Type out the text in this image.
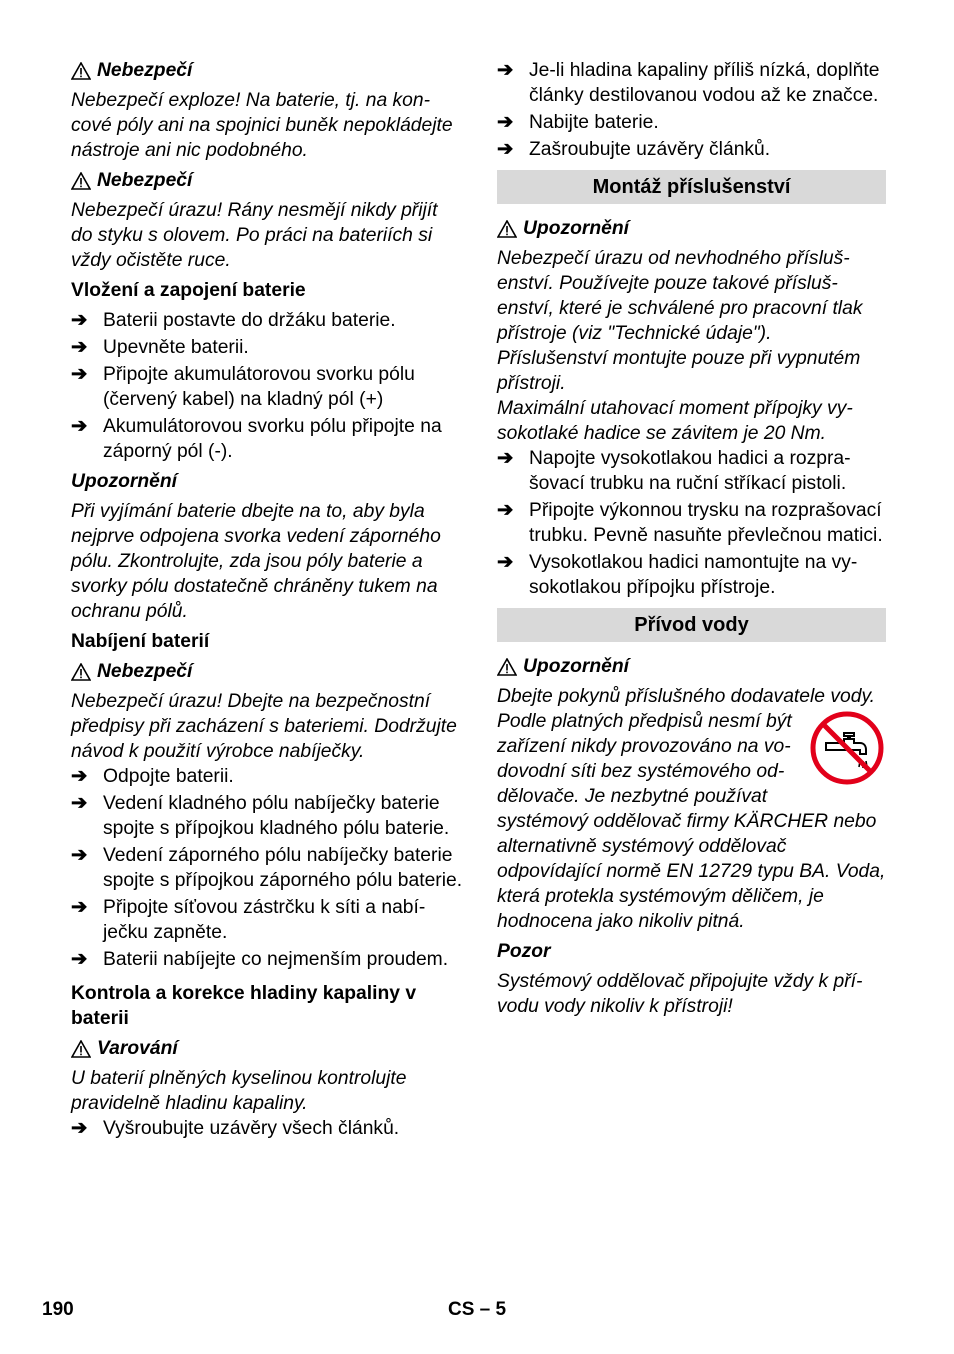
Nebezpečí

Nebezpečí exploze! Na baterie, tj. na koncové póly ani na spojnici buněk nepokládejte nástroje ani nic podobného.

Nebezpečí

Nebezpečí úrazu! Rány nesmějí nikdy přijít do styku s olovem. Po práci na bateriích si vždy očistěte ruce.

Vložení a zapojení baterie

➔ Baterii postavte do držáku baterie.
➔ Upevněte baterii.
➔ Připojte akumulátorovou svorku pólu (červený kabel) na kladný pól (+)
➔ Akumulátorovou svorku pólu připojte na záporný pól (-).

Upozornění

Při vyjímání baterie dbejte na to, aby byla nejprve odpojena svorka vedení záporného pólu. Zkontrolujte, zda jsou póly baterie a svorky pólu dostatečně chráněny tukem na ochranu pólů.

Nabíjení baterií

Nebezpečí

Nebezpečí úrazu! Dbejte na bezpečnostní předpisy při zacházení s bateriemi. Dodržujte návod k použití výrobce nabíječky.

➔ Odpojte baterii.
➔ Vedení kladného pólu nabíječky baterie spojte s přípojkou kladného pólu baterie.
➔ Vedení záporného pólu nabíječky baterie spojte s přípojkou záporného pólu baterie.
➔ Připojte síťovou zástrčku k síti a nabíječku zapněte.
➔ Baterii nabíjejte co nejmenším proudem.

Kontrola a korekce hladiny kapaliny v baterii

Varování

U baterií plněných kyselinou kontrolujte pravidelně hladinu kapaliny.

➔ Vyšroubujte uzávěry všech článků.
➔ Je-li hladina kapaliny příliš nízká, doplňte články destilovanou vodou až ke značce.
➔ Nabijte baterie.
➔ Zašroubujte uzávěry článků.
Montáž příslušenství
Upozornění

Nebezpečí úrazu od nevhodného příslušenství. Používejte pouze takové příslušenství, které je schválené pro pracovní tlak přístroje (viz "Technické údaje").

Příslušenství montujte pouze při vypnutém přístroji.

Maximální utahovací moment přípojky vysokotlaké hadice se závitem je 20 Nm.

➔ Napojte vysokotlakou hadici a rozprašovací trubku na ruční stříkací pistoli.
➔ Připojte výkonnou trysku na rozprašovací trubku. Pevně nasuňte převlečnou matici.
➔ Vysokotlakou hadici namontujte na vysokotlakou přípojku přístroje.
Přívod vody
Upozornění

Dbejte pokynů příslušného dodavatele vody.

Podle platných předpisů nesmí být zařízení nikdy provozováno na vodovodní síti bez systémového oddělovače. Je nezbytné používat systémový oddělovač firmy KÄRCHER nebo alternativně systémový oddělovač odpovídající normě EN 12729 typu BA. Voda, která protekla systémovým děličem, je hodnocena jako nikoliv pitná.

Pozor

Systémový oddělovač připojujte vždy k přívodu vody nikoliv k přístroji!

190	CS – 5
